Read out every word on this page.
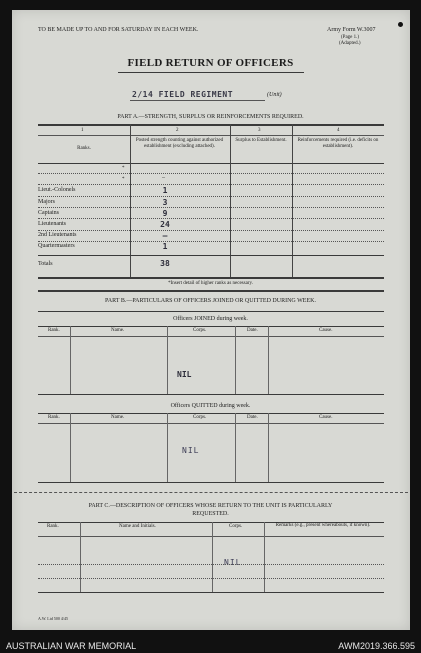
TO BE MADE UP TO AND FOR SATURDAY IN EACH WEEK.	Army Form W.3007
(Page 1.)
(Adapted.)
FIELD RETURN OF OFFICERS
2/14 FIELD REGIMENT	(Unit)
PART A.—STRENGTH, SURPLUS OR REINFORCEMENTS REQUIRED.
1	2	3	4
Ranks.
Posted strength counting against authorized establishment (excluding attached).
Surplus to Establishment.	Reinforcements required (i.e. deficits on establishment).
*
*	–
Lieut.-Colonels	1
Majors	3
Captains	9
Lieutenants	24
2nd Lieutenants	–
Quartermasters	1
Totals	38
*Insert detail of higher ranks as necessary.
PART B.—PARTICULARS OF OFFICERS JOINED OR QUITTED DURING WEEK.
Officers JOINED during week.
Rank.	Name.	Corps.	Date.	Cause.
NIL
Officers QUITTED during week.
Rank.	Name.	Corps.	Date.	Cause.
NIL
PART C.—DESCRIPTION OF OFFICERS WHOSE RETURN TO THE UNIT IS PARTICULARLY
REQUESTED.
Rank.	Name and Initials.	Corps.	Remarks (e.g., present whereabouts, if known).
NIL
A.W. Ltd 500 4/45
AUSTRALIAN WAR MEMORIAL	AWM2019.366.595
